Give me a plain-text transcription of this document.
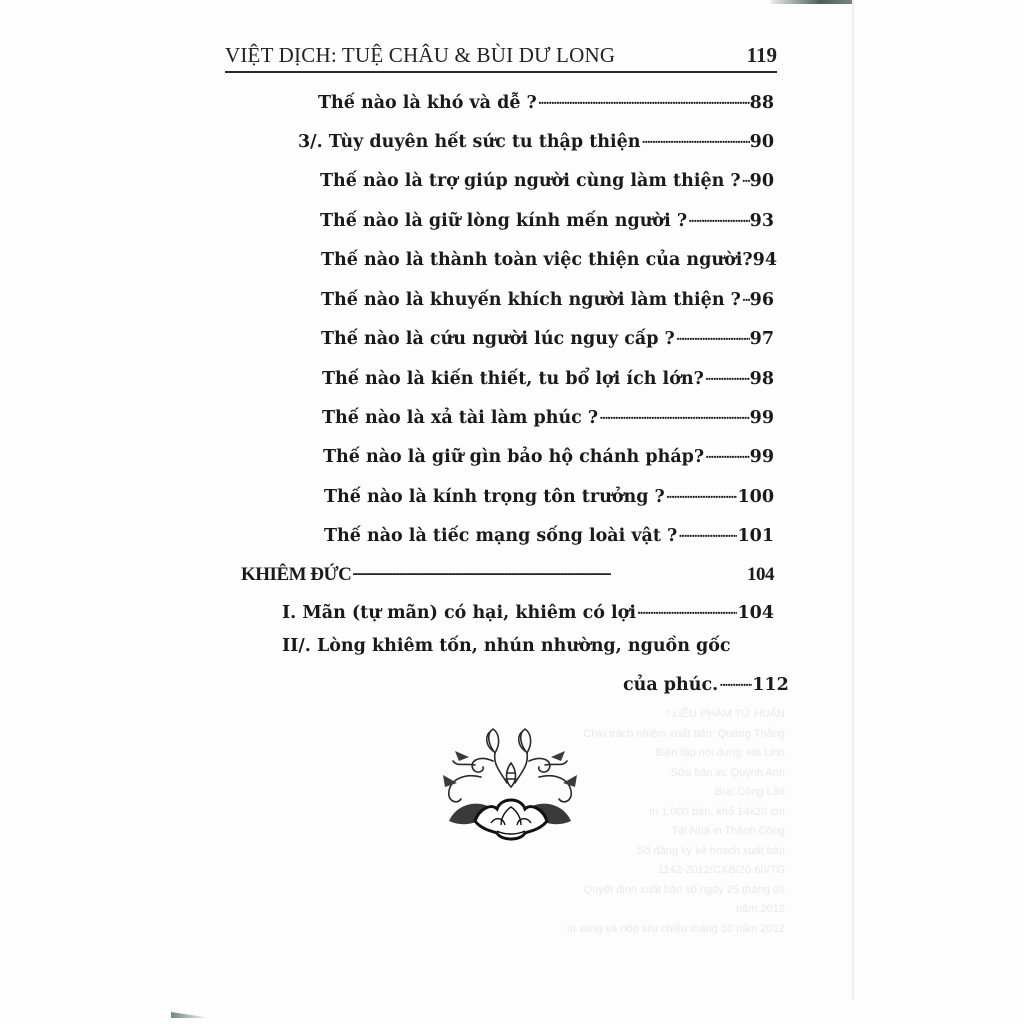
VIỆT DỊCH: TUỆ CHÂU & BÙI DƯ LONG	119
* LIỄU PHÀM TỨ HUẤN
Chịu trách nhiệm xuất bản: Quang Thắng
Biên tập nội dung: Hà Linh
Sửa bản in: Quỳnh Anh
Bìa: Công Lân
In 1.000 bản, khổ 14x20 cm
Tại Nhà in Thành Công
Số đăng ký kế hoạch xuất bản
1142-2012/CXB/20-60/TG
Quyết định xuất bản số ngày 25 tháng 09 năm 2012
In xong và nộp lưu chiểu tháng 10 năm 2012
Thế nào là khó và dễ ? .....	88
3/. Tùy duyên hết sức tu thập thiện .....	90
Thế nào là trợ giúp người cùng làm thiện ? ..... 90
Thế nào là giữ lòng kính mến người ? .....	93
Thế nào là thành toàn việc thiện của người? 94
Thế nào là khuyến khích người làm thiện ? ..... 96
Thế nào là cứu người lúc nguy cấp ? .....	97
Thế nào là kiến thiết, tu bổ lợi ích lớn? .....	98
Thế nào là xả tài làm phúc ? .....	99
Thế nào là giữ gìn bảo hộ chánh pháp? .....	99
Thế nào là kính trọng tôn trưởng ? .....	100
Thế nào là tiếc mạng sống loài vật ? .....	101
KHIÊM ĐỨC .....	104
I. Mãn (tự mãn) có hại, khiêm có lợi .....	104
II/. Lòng khiêm tốn, nhún nhường, nguồn gốc
của phúc. ..... 112
